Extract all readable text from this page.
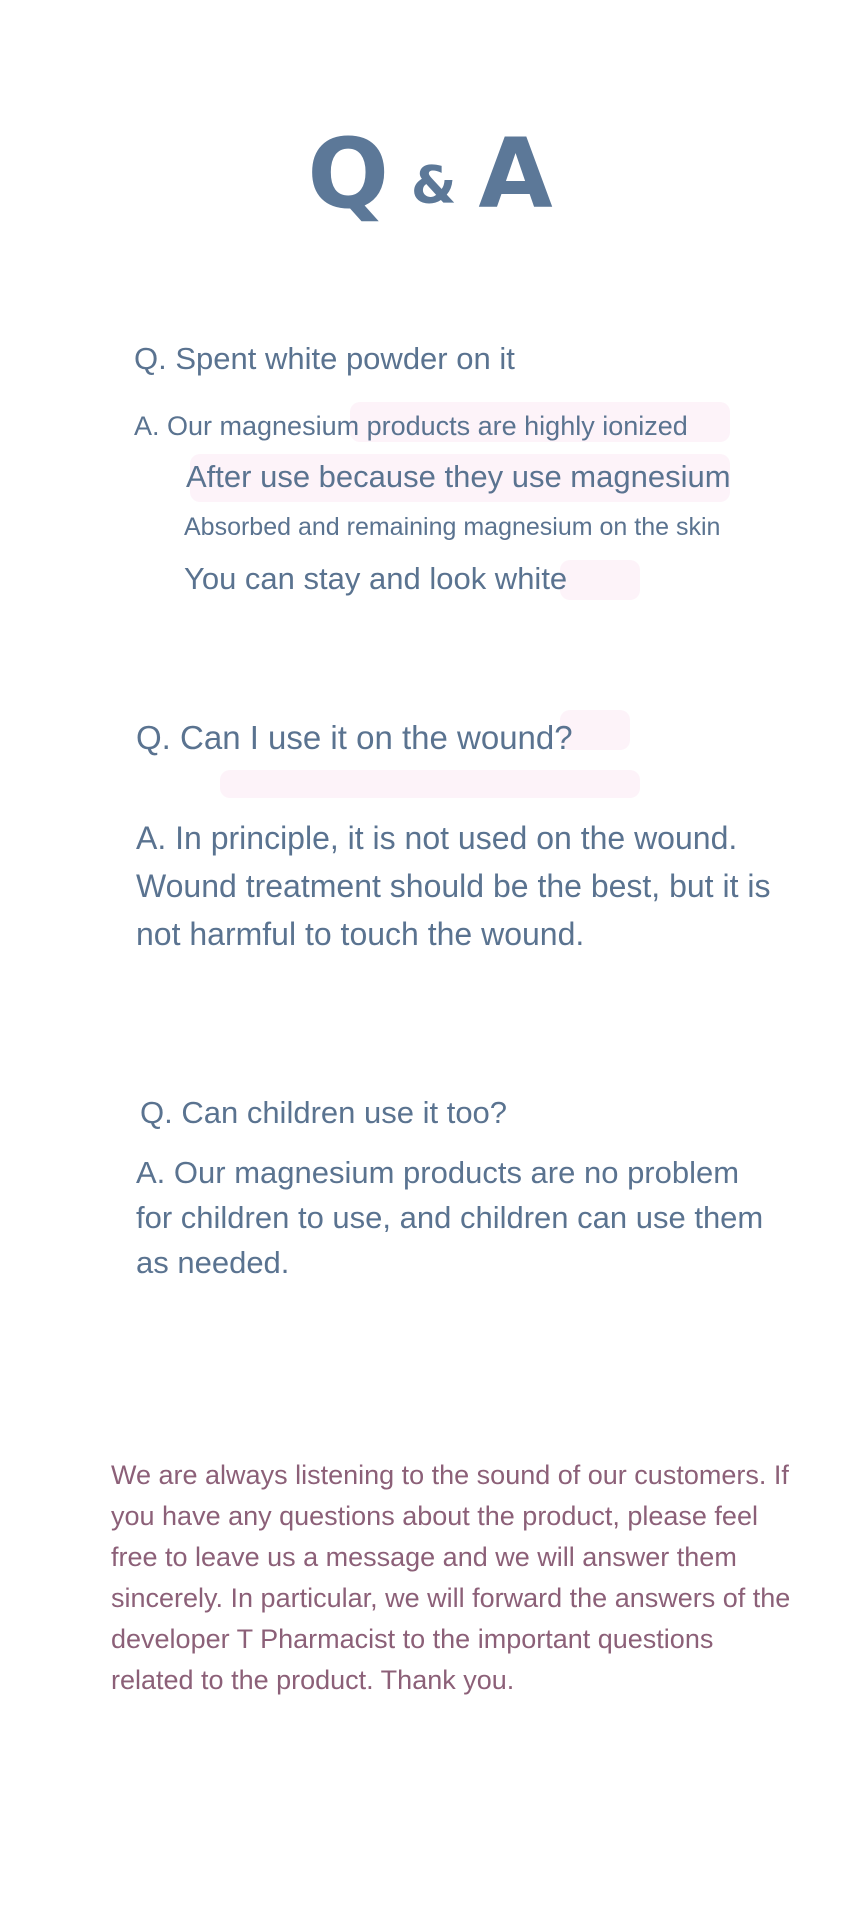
Q & A
Q. Spent white powder on it
A. Our magnesium products are highly ionized
After use because they use magnesium
Absorbed and remaining magnesium on the skin
You can stay and look white
Q. Can I use it on the wound?
A. In principle, it is not used on the wound. Wound treatment should be the best, but it is not harmful to touch the wound.
Q. Can children use it too?
A. Our magnesium products are no problem for children to use, and children can use them as needed.

We are always listening to the sound of our customers. If you have any questions about the product, please feel free to leave us a message and we will answer them sincerely. In particular, we will forward the answers of the developer T Pharmacist to the important questions related to the product. Thank you.
